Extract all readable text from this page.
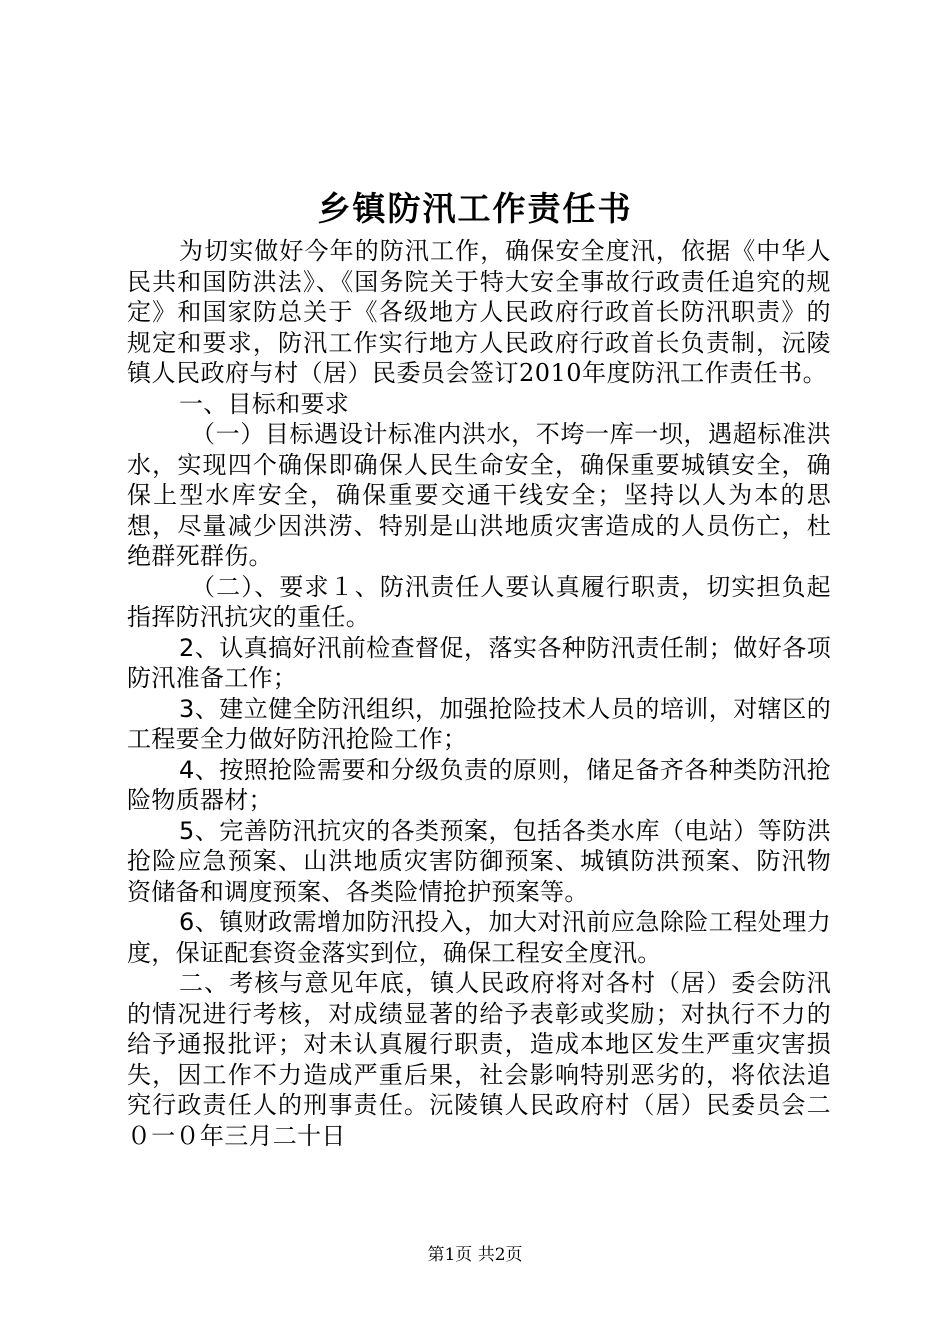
乡镇防汛工作责任书

为切实做好今年的防汛工作，确保安全度汛，依据《中华人民共和国防洪法》、《国务院关于特大安全事故行政责任追究的规定》和国家防总关于《各级地方人民政府行政首长防汛职责》的规定和要求，防汛工作实行地方人民政府行政首长负责制，沅陵镇人民政府与村（居）民委员会签订2010年度防汛工作责任书。

一、目标和要求

（一）目标遇设计标准内洪水，不垮一库一坝，遇超标准洪水，实现四个确保即确保人民生命安全，确保重要城镇安全，确保上型水库安全，确保重要交通干线安全；坚持以人为本的思想，尽量减少因洪涝、特别是山洪地质灾害造成的人员伤亡，杜绝群死群伤。

（二）、要求１、防汛责任人要认真履行职责，切实担负起指挥防汛抗灾的重任。

2、认真搞好汛前检查督促，落实各种防汛责任制；做好各项防汛准备工作；

3、建立健全防汛组织，加强抢险技术人员的培训，对辖区的工程要全力做好防汛抢险工作；

4、按照抢险需要和分级负责的原则，储足备齐各种类防汛抢险物质器材；

5、完善防汛抗灾的各类预案，包括各类水库（电站）等防洪抢险应急预案、山洪地质灾害防御预案、城镇防洪预案、防汛物资储备和调度预案、各类险情抢护预案等。

6、镇财政需增加防汛投入，加大对汛前应急除险工程处理力度，保证配套资金落实到位，确保工程安全度汛。

二、考核与意见年底，镇人民政府将对各村（居）委会防汛的情况进行考核，对成绩显著的给予表彰或奖励；对执行不力的给予通报批评；对未认真履行职责，造成本地区发生严重灾害损失，因工作不力造成严重后果，社会影响特别恶劣的，将依法追究行政责任人的刑事责任。沅陵镇人民政府村（居）民委员会二０一０年三月二十日

第1页 共2页
